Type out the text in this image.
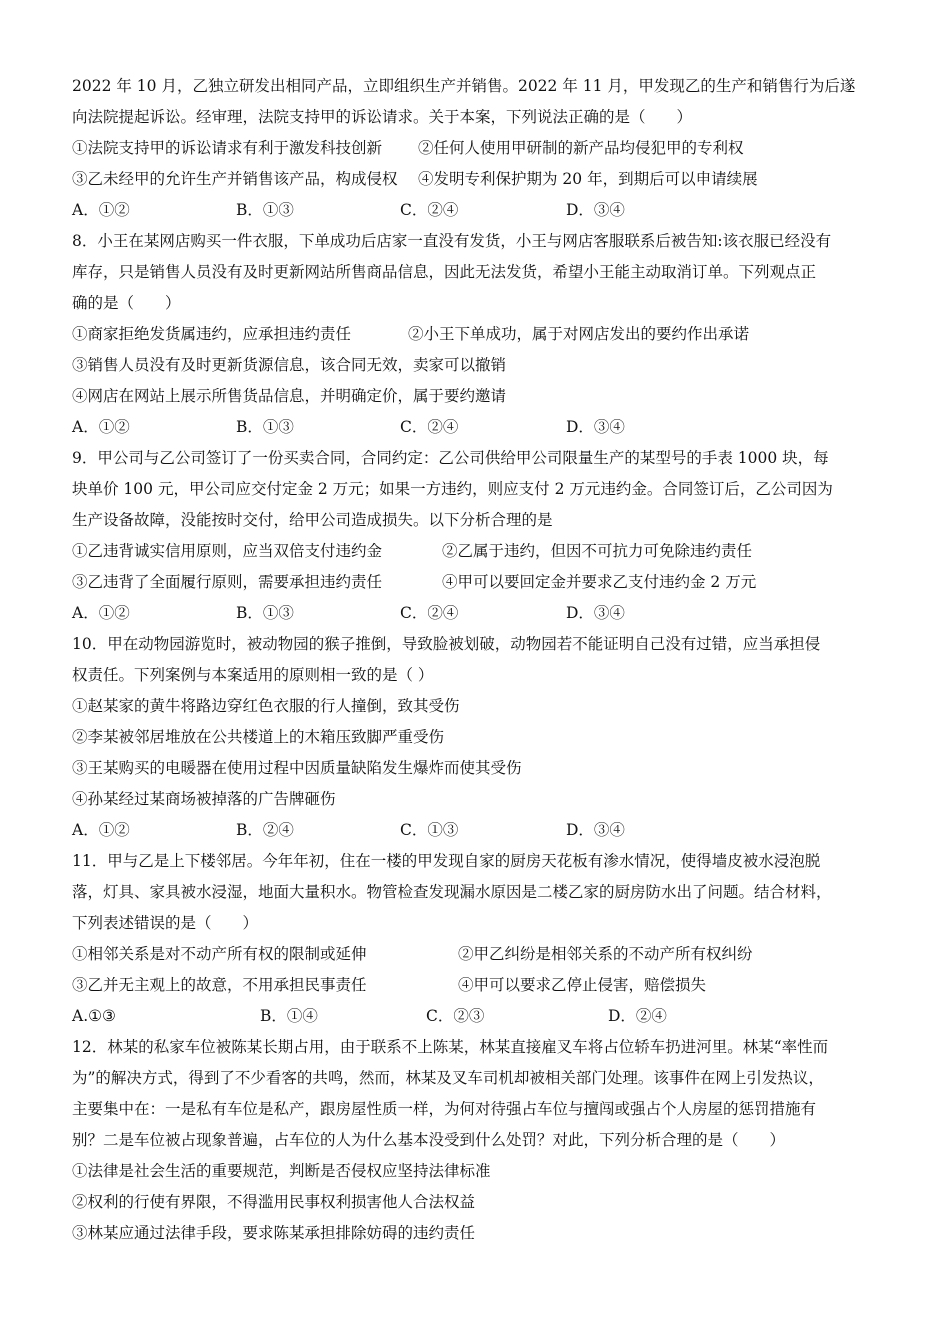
2022 年 10 月，乙独立研发出相同产品，立即组织生产并销售。2022 年 11 月，甲发现乙的生产和销售行为后遂
向法院提起诉讼。经审理，法院支持甲的诉讼请求。关于本案，下列说法正确的是（　　）
①法院支持甲的诉讼请求有利于激发科技创新 ②任何人使用甲研制的新产品均侵犯甲的专利权
③乙未经甲的允许生产并销售该产品，构成侵权 ④发明专利保护期为 20 年，到期后可以申请续展
A．①②	B．①③	C．②④	D．③④
8．小王在某网店购买一件衣服，下单成功后店家一直没有发货，小王与网店客服联系后被告知:该衣服已经没有
库存，只是销售人员没有及时更新网站所售商品信息，因此无法发货，希望小王能主动取消订单。下列观点正
确的是（　　）
①商家拒绝发货属违约，应承担违约责任	②小王下单成功，属于对网店发出的要约作出承诺
③销售人员没有及时更新货源信息，该合同无效，卖家可以撤销
④网店在网站上展示所售货品信息，并明确定价，属于要约邀请
A．①②	B．①③	C．②④	D．③④
9．甲公司与乙公司签订了一份买卖合同，合同约定：乙公司供给甲公司限量生产的某型号的手表 1000 块，每
块单价 100 元，甲公司应交付定金 2 万元；如果一方违约，则应支付 2 万元违约金。合同签订后，乙公司因为
生产设备故障，没能按时交付，给甲公司造成损失。以下分析合理的是
①乙违背诚实信用原则，应当双倍支付违约金	②乙属于违约，但因不可抗力可免除违约责任
③乙违背了全面履行原则，需要承担违约责任	④甲可以要回定金并要求乙支付违约金 2 万元
A．①②	B．①③	C．②④	D．③④
10．甲在动物园游览时，被动物园的猴子推倒，导致脸被划破，动物园若不能证明自己没有过错，应当承担侵
权责任。下列案例与本案适用的原则相一致的是（ ）
①赵某家的黄牛将路边穿红色衣服的行人撞倒，致其受伤
②李某被邻居堆放在公共楼道上的木箱压致脚严重受伤
③王某购买的电暖器在使用过程中因质量缺陷发生爆炸而使其受伤
④孙某经过某商场被掉落的广告牌砸伤
A．①②	B．②④	C．①③	D．③④
11．甲与乙是上下楼邻居。今年年初，住在一楼的甲发现自家的厨房天花板有渗水情况，使得墙皮被水浸泡脱
落，灯具、家具被水浸湿，地面大量积水。物管检查发现漏水原因是二楼乙家的厨房防水出了问题。结合材料，
下列表述错误的是（　　）
①相邻关系是对不动产所有权的限制或延伸	②甲乙纠纷是相邻关系的不动产所有权纠纷
③乙并无主观上的故意，不用承担民事责任	④甲可以要求乙停止侵害，赔偿损失
A.①③	B．①④	C．②③	D．②④
12．林某的私家车位被陈某长期占用，由于联系不上陈某，林某直接雇叉车将占位轿车扔进河里。林某“率性而
为”的解决方式，得到了不少看客的共鸣，然而，林某及叉车司机却被相关部门处理。该事件在网上引发热议，
主要集中在：一是私有车位是私产，跟房屋性质一样，为何对待强占车位与擅闯或强占个人房屋的惩罚措施有
别？二是车位被占现象普遍，占车位的人为什么基本没受到什么处罚？对此，下列分析合理的是（　　）
①法律是社会生活的重要规范，判断是否侵权应坚持法律标准
②权利的行使有界限，不得滥用民事权利损害他人合法权益
③林某应通过法律手段，要求陈某承担排除妨碍的违约责任
